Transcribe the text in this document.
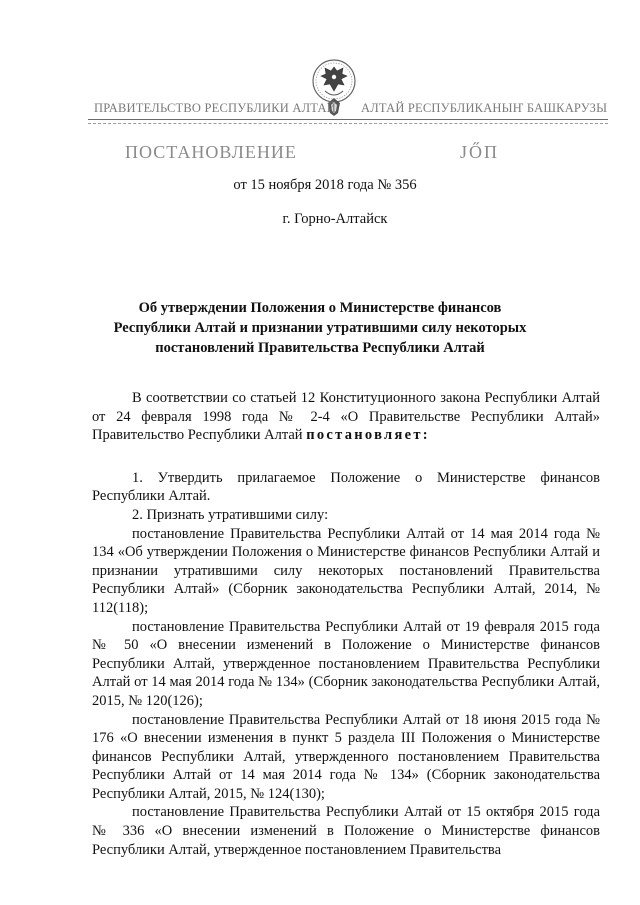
ПРАВИТЕЛЬСТВО РЕСПУБЛИКИ АЛТАЙ АЛТАЙ РЕСПУБЛИКАНЫҤ БАШКАРУЗЫ
ПОСТАНОВЛЕНИЕ	JŐП
от 15 ноября 2018 года № 356
г. Горно-Алтайск
Об утверждении Положения о Министерстве финансов
Республики Алтай и признании утратившими силу некоторых
постановлений Правительства Республики Алтай

В соответствии со статьей 12 Конституционного закона Республики Алтай от 24 февраля 1998 года № 2-4 «О Правительстве Республики Алтай» Правительство Республики Алтай постановляет:

1. Утвердить прилагаемое Положение о Министерстве финансов Республики Алтай.

2. Признать утратившими силу:

постановление Правительства Республики Алтай от 14 мая 2014 года № 134 «Об утверждении Положения о Министерстве финансов Республики Алтай и признании утратившими силу некоторых постановлений Правительства Республики Алтай» (Сборник законодательства Республики Алтай, 2014, № 112(118);

постановление Правительства Республики Алтай от 19 февраля 2015 года № 50 «О внесении изменений в Положение о Министерстве финансов Республики Алтай, утвержденное постановлением Правительства Республики Алтай от 14 мая 2014 года № 134» (Сборник законодательства Республики Алтай, 2015, № 120(126);

постановление Правительства Республики Алтай от 18 июня 2015 года № 176 «О внесении изменения в пункт 5 раздела III Положения о Министерстве финансов Республики Алтай, утвержденного постановлением Правительства Республики Алтай от 14 мая 2014 года № 134» (Сборник законодательства Республики Алтай, 2015, № 124(130);

постановление Правительства Республики Алтай от 15 октября 2015 года № 336 «О внесении изменений в Положение о Министерстве финансов Республики Алтай, утвержденное постановлением Правительства
